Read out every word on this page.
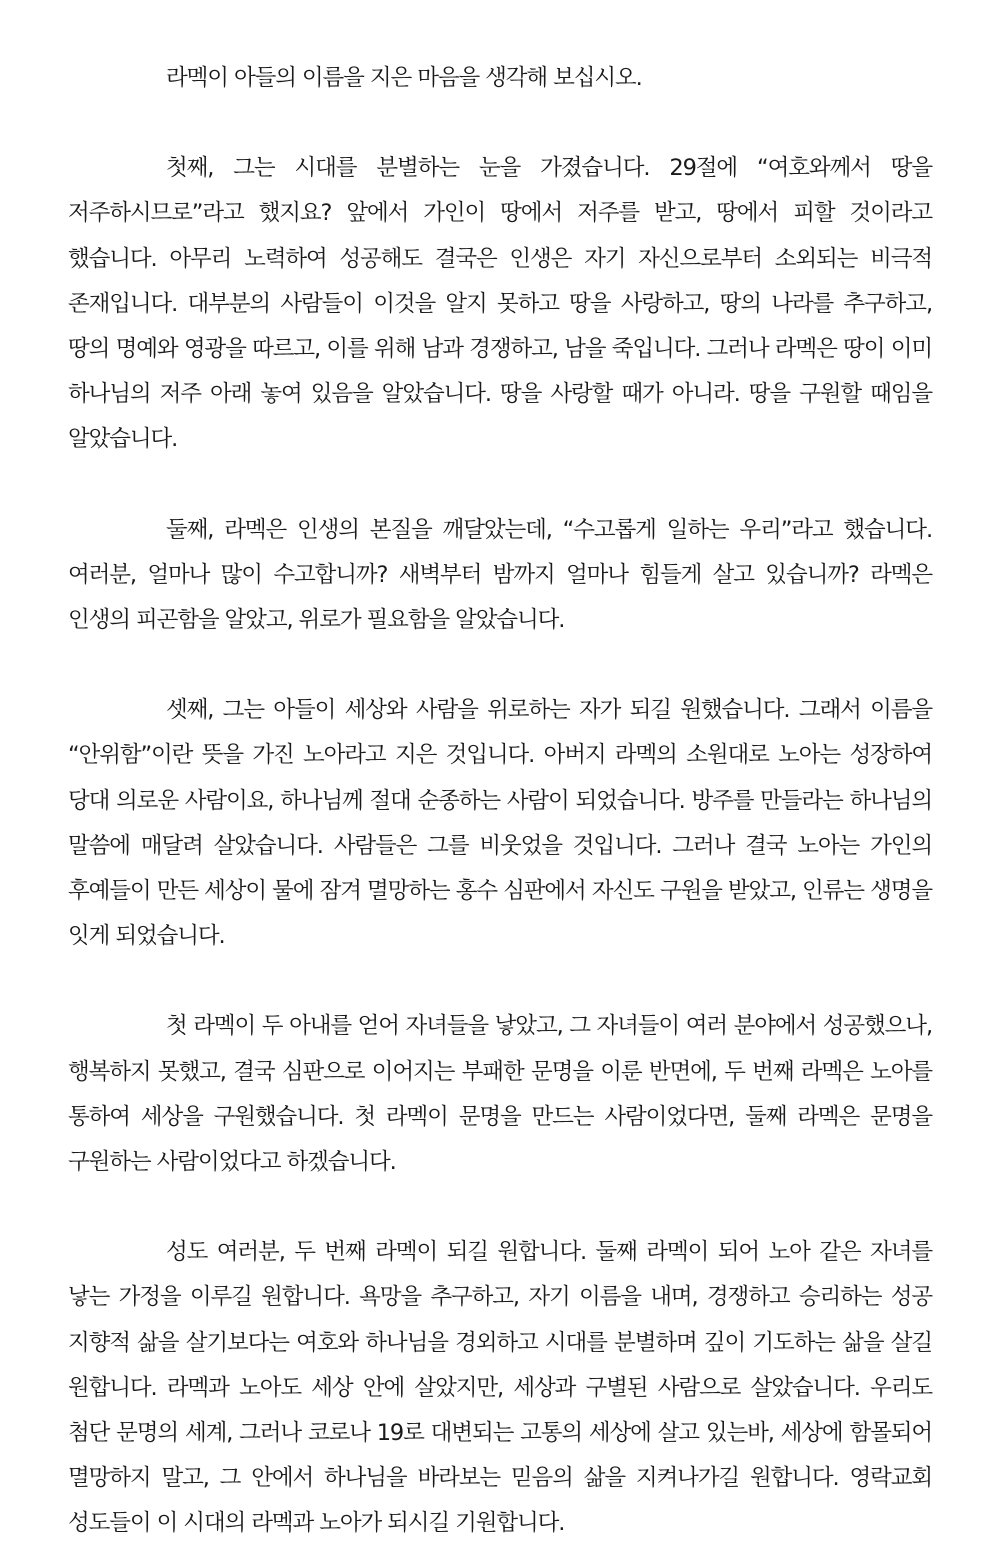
라멕이 아들의 이름을 지은 마음을 생각해 보십시오.

첫째, 그는 시대를 분별하는 눈을 가졌습니다. 29절에 “여호와께서 땅을 저주하시므로”라고 했지요? 앞에서 가인이 땅에서 저주를 받고, 땅에서 피할 것이라고 했습니다. 아무리 노력하여 성공해도 결국은 인생은 자기 자신으로부터 소외되는 비극적 존재입니다. 대부분의 사람들이 이것을 알지 못하고 땅을 사랑하고, 땅의 나라를 추구하고, 땅의 명예와 영광을 따르고, 이를 위해 남과 경쟁하고, 남을 죽입니다. 그러나 라멕은 땅이 이미 하나님의 저주 아래 놓여 있음을 알았습니다. 땅을 사랑할 때가 아니라. 땅을 구원할 때임을 알았습니다.

둘째, 라멕은 인생의 본질을 깨달았는데, “수고롭게 일하는 우리”라고 했습니다. 여러분, 얼마나 많이 수고합니까? 새벽부터 밤까지 얼마나 힘들게 살고 있습니까? 라멕은 인생의 피곤함을 알았고, 위로가 필요함을 알았습니다.

셋째, 그는 아들이 세상와 사람을 위로하는 자가 되길 원했습니다. 그래서 이름을 “안위함”이란 뜻을 가진 노아라고 지은 것입니다. 아버지 라멕의 소원대로 노아는 성장하여 당대 의로운 사람이요, 하나님께 절대 순종하는 사람이 되었습니다. 방주를 만들라는 하나님의 말씀에 매달려 살았습니다. 사람들은 그를 비웃었을 것입니다. 그러나 결국 노아는 가인의 후예들이 만든 세상이 물에 잠겨 멸망하는 홍수 심판에서 자신도 구원을 받았고, 인류는 생명을 잇게 되었습니다.

첫 라멕이 두 아내를 얻어 자녀들을 낳았고, 그 자녀들이 여러 분야에서 성공했으나, 행복하지 못했고, 결국 심판으로 이어지는 부패한 문명을 이룬 반면에, 두 번째 라멕은 노아를 통하여 세상을 구원했습니다. 첫 라멕이 문명을 만드는 사람이었다면, 둘째 라멕은 문명을 구원하는 사람이었다고 하겠습니다.

성도 여러분, 두 번째 라멕이 되길 원합니다. 둘째 라멕이 되어 노아 같은 자녀를 낳는 가정을 이루길 원합니다. 욕망을 추구하고, 자기 이름을 내며, 경쟁하고 승리하는 성공 지향적 삶을 살기보다는 여호와 하나님을 경외하고 시대를 분별하며 깊이 기도하는 삶을 살길 원합니다. 라멕과 노아도 세상 안에 살았지만, 세상과 구별된 사람으로 살았습니다. 우리도 첨단 문명의 세계, 그러나 코로나 19로 대변되는 고통의 세상에 살고 있는바, 세상에 함몰되어 멸망하지 말고, 그 안에서 하나님을 바라보는 믿음의 삶을 지켜나가길 원합니다. 영락교회 성도들이 이 시대의 라멕과 노아가 되시길 기원합니다.
